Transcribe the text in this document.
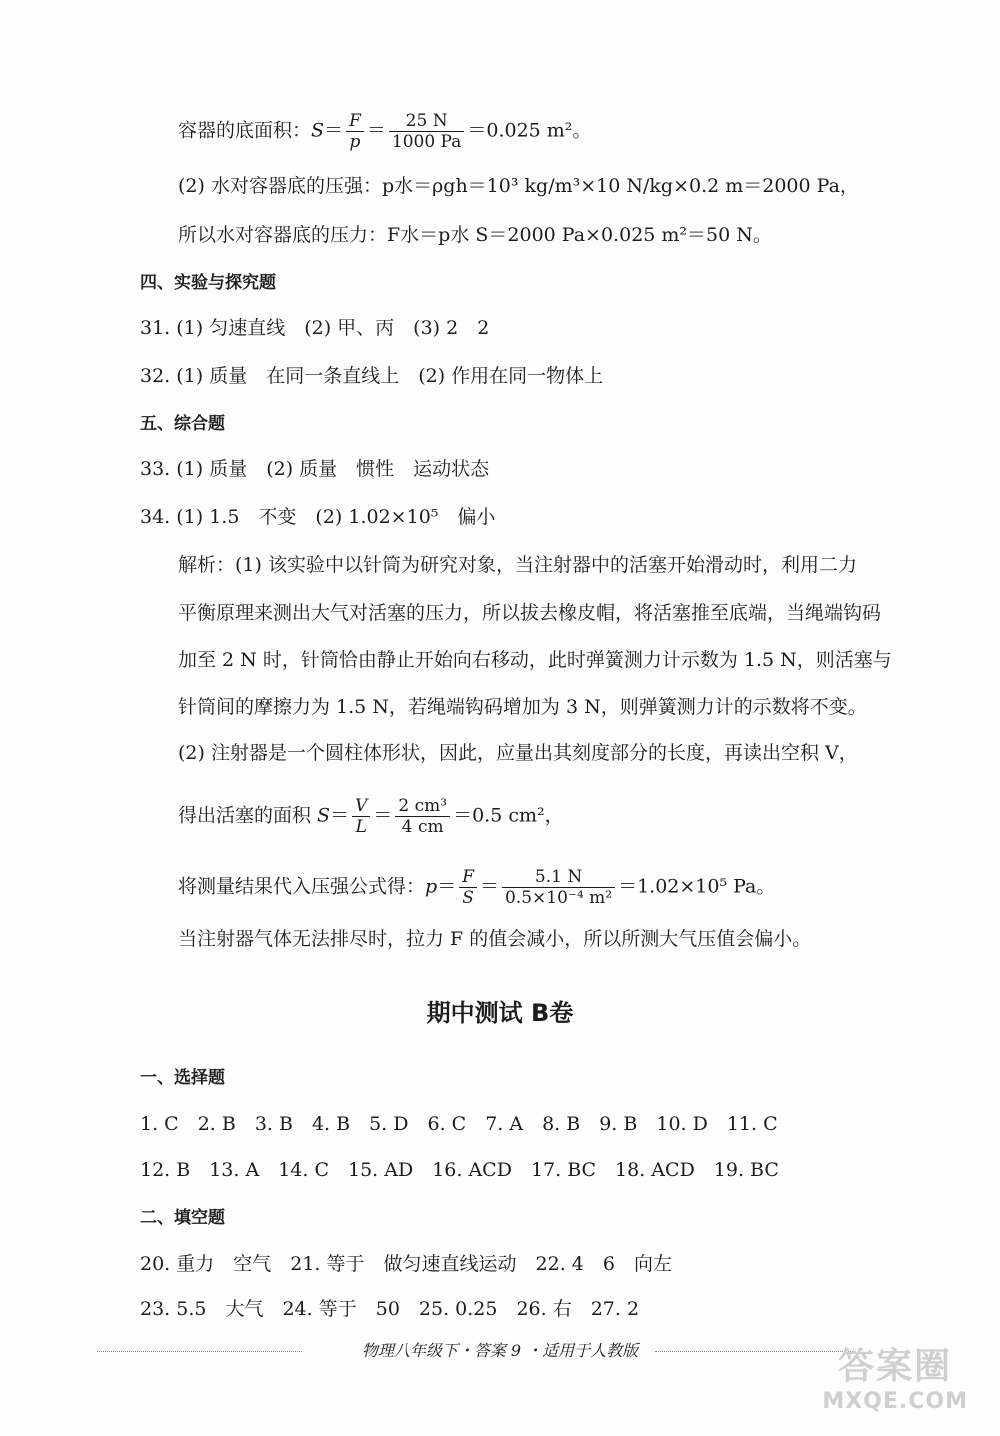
容器的底面积：$S= \frac{F}{p} = \frac{25 N}{1000 Pa} =0.025$ m²。
(2) 水对容器底的压强：p水＝ρgh＝10³ kg/m³×10 N/kg×0.2 m＝2000 Pa，
所以水对容器底的压力：F水＝p水 S＝2000 Pa×0.025 m²＝50 N。
四、实验与探究题
31. (1) 匀速直线　(2) 甲、丙　(3) 2　2
32. (1) 质量　在同一条直线上　(2) 作用在同一物体上
五、综合题
33. (1) 质量　(2) 质量　惯性　运动状态
34. (1) 1.5　不变　(2) 1.02×10⁵　偏小
解析：(1) 该实验中以针筒为研究对象，当注射器中的活塞开始滑动时，利用二力
平衡原理来测出大气对活塞的压力，所以拔去橡皮帽，将活塞推至底端，当绳端钩码
加至 2 N 时，针筒恰由静止开始向右移动，此时弹簧测力计示数为 1.5 N，则活塞与
针筒间的摩擦力为 1.5 N，若绳端钩码增加为 3 N，则弹簧测力计的示数将不变。
(2) 注射器是一个圆柱体形状，因此，应量出其刻度部分的长度，再读出空积 V，
得出活塞的面积 $S= \frac{V}{L} = \frac{\text{2 cm³}}{4 cm} =0.5$ cm²，
将测量结果代入压强公式得：$p= \frac{F}{S} = \frac{5.1 N}{\text{0.5×10⁻⁴ m²}} =1.02\times 10^5$ Pa。
当注射器气体无法排尽时，拉力 F 的值会减小，所以所测大气压值会偏小。
期中测试 B卷
一、选择题
1. C　2. B　3. B　4. B　5. D　6. C　7. A　8. B　9. B　10. D　11. C
12. B　13. A　14. C　15. AD　16. ACD　17. BC　18. ACD　19. BC
二、填空题
20. 重力　空气　21. 等于　做匀速直线运动　22. 4　6　向左
23. 5.5　大气　24. 等于　50　25. 0.25　26. 右　27. 2
物理八年级下・答案 9 ・适用于人教版	答案圈
MXQE.COM
